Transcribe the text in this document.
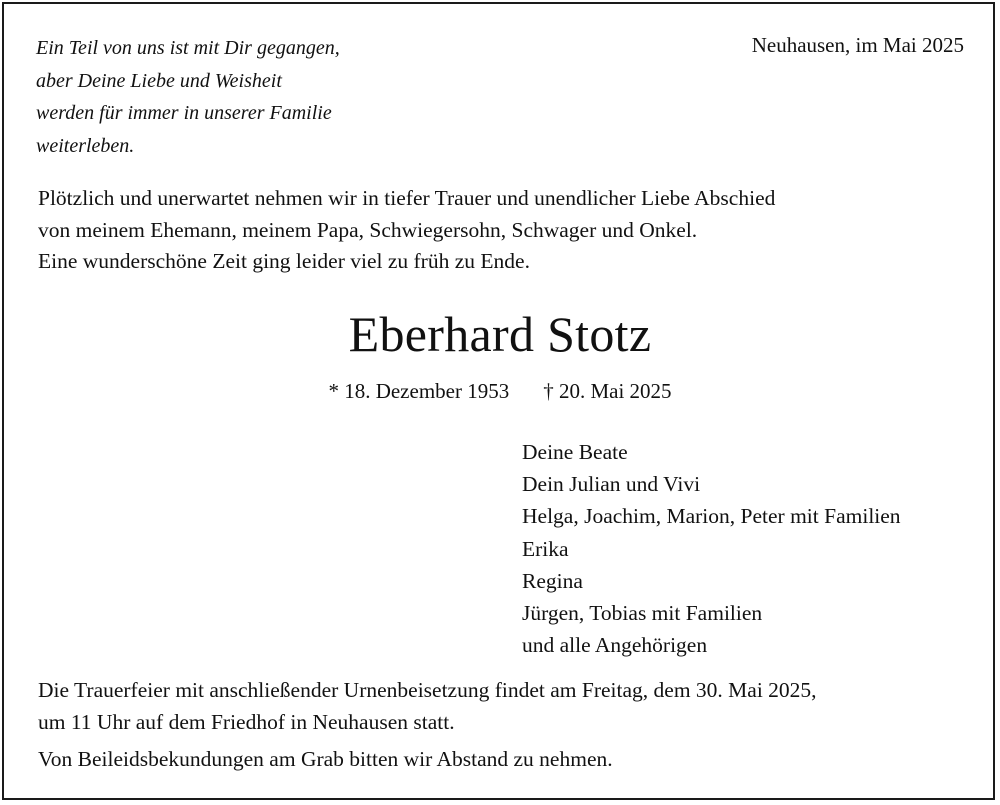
Ein Teil von uns ist mit Dir gegangen,
aber Deine Liebe und Weisheit
werden für immer in unserer Familie
weiterleben.
Neuhausen, im Mai 2025
Plötzlich und unerwartet nehmen wir in tiefer Trauer und unendlicher Liebe Abschied
von meinem Ehemann, meinem Papa, Schwiegersohn, Schwager und Onkel.
Eine wunderschöne Zeit ging leider viel zu früh zu Ende.
Eberhard Stotz
* 18. Dezember 1953 † 20. Mai 2025
Deine Beate
Dein Julian und Vivi
Helga, Joachim, Marion, Peter mit Familien
Erika
Regina
Jürgen, Tobias mit Familien
und alle Angehörigen
Die Trauerfeier mit anschließender Urnenbeisetzung findet am Freitag, dem 30. Mai 2025,
um 11 Uhr auf dem Friedhof in Neuhausen statt.
Von Beileidsbekundungen am Grab bitten wir Abstand zu nehmen.
